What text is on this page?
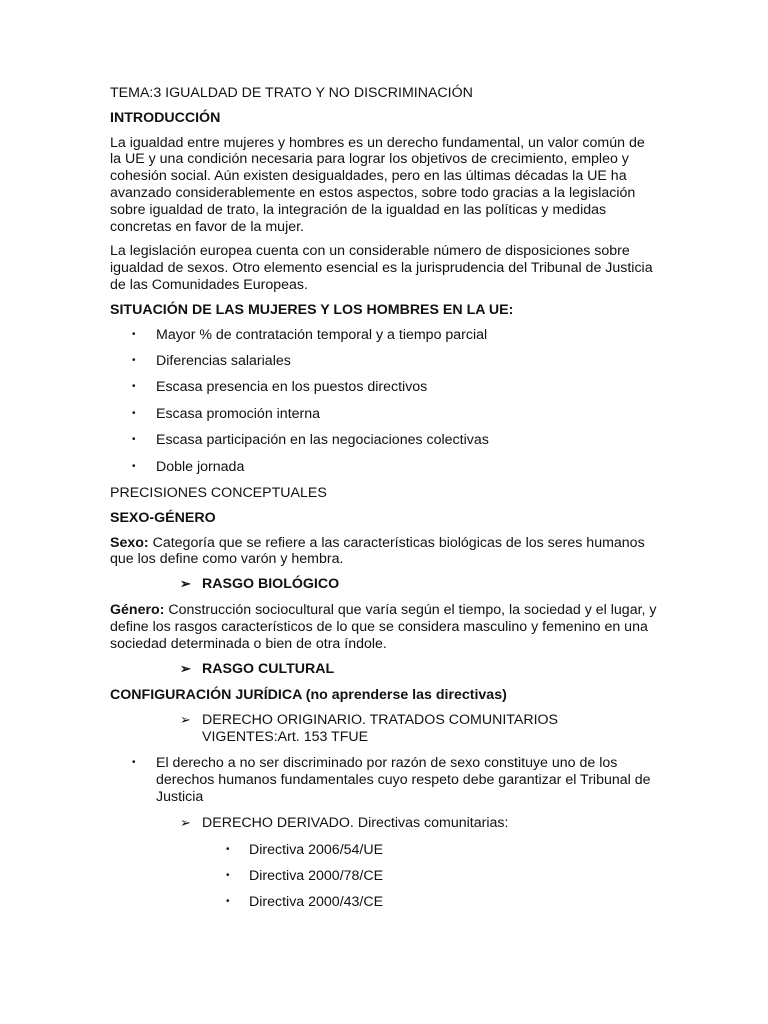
TEMA:3 IGUALDAD DE TRATO Y NO DISCRIMINACIÓN

INTRODUCCIÓN

La igualdad entre mujeres y hombres es un derecho fundamental, un valor común de la UE y una condición necesaria para lograr los objetivos de crecimiento, empleo y cohesión social. Aún existen desigualdades, pero en las últimas décadas la UE ha avanzado considerablemente en estos aspectos, sobre todo gracias a la legislación sobre igualdad de trato, la integración de la igualdad en las políticas y medidas concretas en favor de la mujer.

La legislación europea cuenta con un considerable número de disposiciones sobre igualdad de sexos. Otro elemento esencial es la jurisprudencia del Tribunal de Justicia de las Comunidades Europeas.

SITUACIÓN DE LAS MUJERES Y LOS HOMBRES EN LA UE:

• Mayor % de contratación temporal y a tiempo parcial
• Diferencias salariales
• Escasa presencia en los puestos directivos
• Escasa promoción interna
• Escasa participación en las negociaciones colectivas
• Doble jornada

PRECISIONES CONCEPTUALES

SEXO-GÉNERO

Sexo: Categoría que se refiere a las características biológicas de los seres humanos que los define como varón y hembra.

➢ RASGO BIOLÓGICO

Género: Construcción sociocultural que varía según el tiempo, la sociedad y el lugar, y define los rasgos característicos de lo que se considera masculino y femenino en una sociedad determinada o bien de otra índole.

➢ RASGO CULTURAL

CONFIGURACIÓN JURÍDICA (no aprenderse las directivas)

➢ DERECHO ORIGINARIO. TRATADOS COMUNITARIOS VIGENTES:Art. 153 TFUE
• El derecho a no ser discriminado por razón de sexo constituye uno de los derechos humanos fundamentales cuyo respeto debe garantizar el Tribunal de Justicia
➢ DERECHO DERIVADO. Directivas comunitarias:
• Directiva 2006/54/UE
• Directiva 2000/78/CE
• Directiva 2000/43/CE
